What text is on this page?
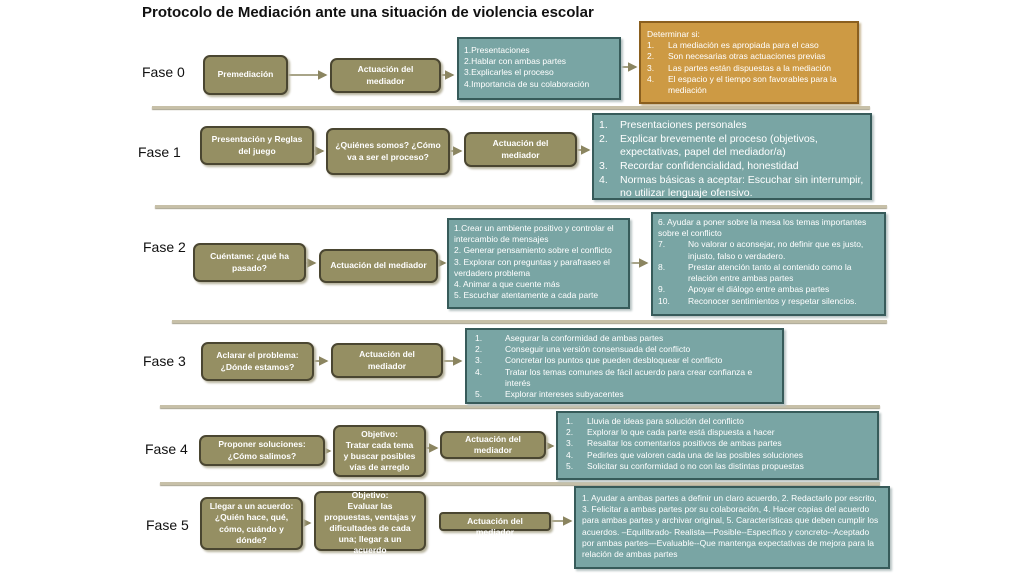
Protocolo de Mediación ante una situación de violencia escolar
Fase 0	Premediación
Actuación del
mediador
1.Presentaciones
2.Hablar con ambas partes
3.Explicarles el proceso
4.Importancia de su colaboración
Determinar si:
1.	La mediación es apropiada para el caso
2.	Son necesarias otras actuaciones previas
3.	Las partes están dispuestas a la mediación
4.	El espacio y el tiempo son favorables para la mediación
Fase 1
Presentación y Reglas
del juego
¿Quiénes somos? ¿Cómo
va a ser el proceso?
Actuación del
mediador
1.	Presentaciones personales
2.	Explicar brevemente el proceso (objetivos, expectativas, papel del mediador/a)
3.	Recordar confidencialidad, honestidad
4.	Normas básicas a aceptar: Escuchar sin interrumpir, no utilizar lenguaje ofensivo.
Fase 2
Cuéntame: ¿qué ha
pasado?	Actuación del mediador
1.Crear un ambiente positivo y controlar el intercambio de mensajes
2. Generar pensamiento sobre el conflicto
3. Explorar con preguntas y parafraseo el verdadero problema
4. Animar a que cuente más
5. Escuchar atentamente a cada parte
6. Ayudar a poner sobre la mesa los temas importantes sobre el conflicto
7.	No valorar o aconsejar, no definir que es justo, injusto, falso o verdadero.
8.	Prestar atención tanto al contenido como la relación entre ambas partes
9.	Apoyar el diálogo entre ambas partes
10.	Reconocer sentimientos y respetar silencios.
Fase 3	Aclarar el problema:
¿Dónde estamos?
Actuación del
mediador
1.	Asegurar la conformidad de ambas partes
2.	Conseguir una versión consensuada del conflicto
3.	Concretar los puntos que pueden desbloquear el conflicto
4.	Tratar los temas comunes de fácil acuerdo para crear confianza e interés
5.	Explorar intereses subyacentes
Fase 4	Proponer soluciones:
¿Cómo salimos?
Objetivo:
Tratar cada tema
y buscar posibles
vías de arreglo
Actuación del
mediador
1.	Lluvia de ideas para solución del conflicto
2.	Explorar lo que cada parte está dispuesta a hacer
3.	Resaltar los comentarios positivos de ambas partes
4.	Pedirles que valoren cada una de las posibles soluciones
5.	Solicitar su conformidad o no con las distintas propuestas
Fase 5
Llegar a un acuerdo:
¿Quién hace, qué,
cómo, cuándo y
dónde?
Objetivo:
Evaluar las
propuestas, ventajas y
dificultades de cada
una; llegar a un
acuerdo
Actuación del
mediador
1. Ayudar a ambas partes a definir un claro acuerdo, 2. Redactarlo por escrito, 3. Felicitar a ambas partes por su colaboración, 4. Hacer copias del acuerdo para ambas partes y archivar original, 5. Características que deben cumplir los acuerdos. –Equilibrado- Realista—Posible--Específico y concreto--Aceptado por ambas partes—Evaluable--Que mantenga expectativas de mejora para la relación de ambas partes
